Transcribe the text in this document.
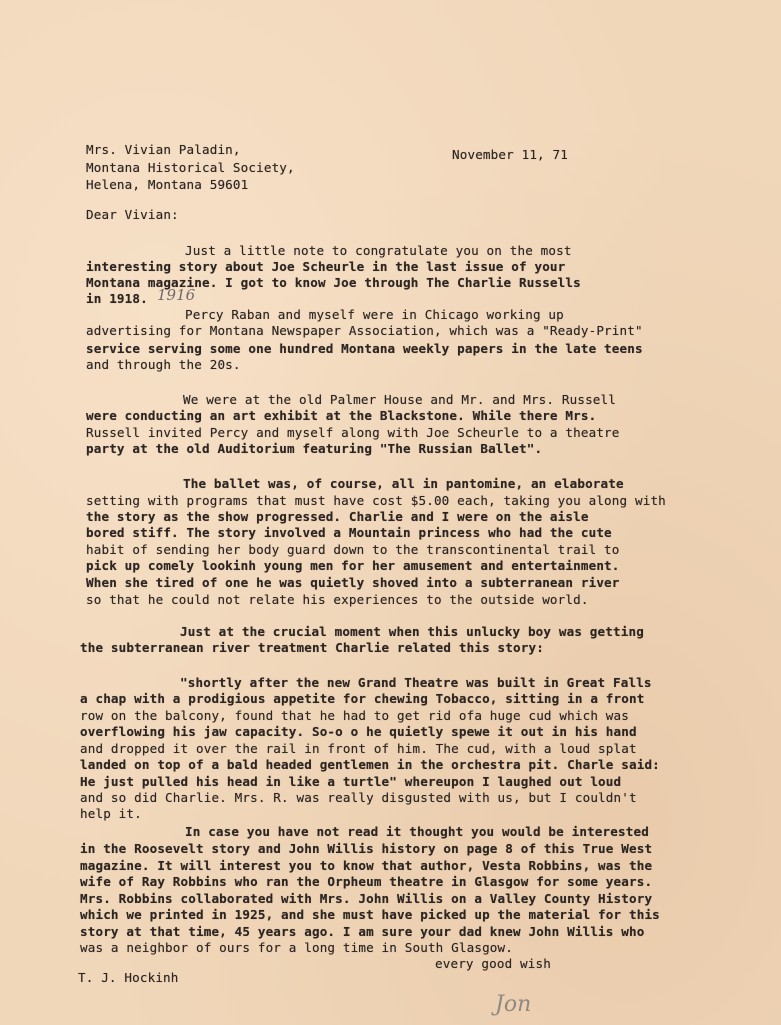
Mrs. Vivian Paladin,
Montana Historical Society,
Helena, Montana 59601
November 11, 71
Dear Vivian:
Just a little note to congratulate you on the most
interesting story about Joe Scheurle in the last issue of your
Montana magazine. I got to know Joe through The Charlie Russells
in 1918. 1916
Percy Raban and myself were in Chicago working up
advertising for Montana Newspaper Association, which was a "Ready-Print"
service serving some one hundred Montana weekly papers in the late teens
and through the 20s.
We were at the old Palmer House and Mr. and Mrs. Russell
were conducting an art exhibit at the Blackstone. While there Mrs.
Russell invited Percy and myself along with Joe Scheurle to a theatre
party at the old Auditorium featuring "The Russian Ballet".
The ballet was, of course, all in pantomine, an elaborate
setting with programs that must have cost $5.00 each, taking you along with
the story as the show progressed. Charlie and I were on the aisle
bored stiff. The story involved a Mountain princess who had the cute
habit of sending her body guard down to the transcontinental trail to
pick up comely lookinh young men for her amusement and entertainment.
When she tired of one he was quietly shoved into a subterranean river
so that he could not relate his experiences to the outside world.
Just at the crucial moment when this unlucky boy was getting
the subterranean river treatment Charlie related this story:
"shortly after the new Grand Theatre was built in Great Falls
a chap with a prodigious appetite for chewing Tobacco, sitting in a front
row on the balcony, found that he had to get rid ofa huge cud which was
overflowing his jaw capacity. So-o o he quietly spewe it out in his hand
and dropped it over the rail in front of him. The cud, with a loud splat
landed on top of a bald headed gentlemen in the orchestra pit. Charle said:
He just pulled his head in like a turtle" whereupon I laughed out loud
and so did Charlie. Mrs. R. was really disgusted with us, but I couldn't
help it.
In case you have not read it thought you would be interested
in the Roosevelt story and John Willis history on page 8 of this True West
magazine. It will interest you to know that author, Vesta Robbins, was the
wife of Ray Robbins who ran the Orpheum theatre in Glasgow for some years.
Mrs. Robbins collaborated with Mrs. John Willis on a Valley County History
which we printed in 1925, and she must have picked up the material for this
story at that time, 45 years ago. I am sure your dad knew John Willis who
was a neighbor of ours for a long time in South Glasgow.
every good wish
T. J. Hockinh
Jon
